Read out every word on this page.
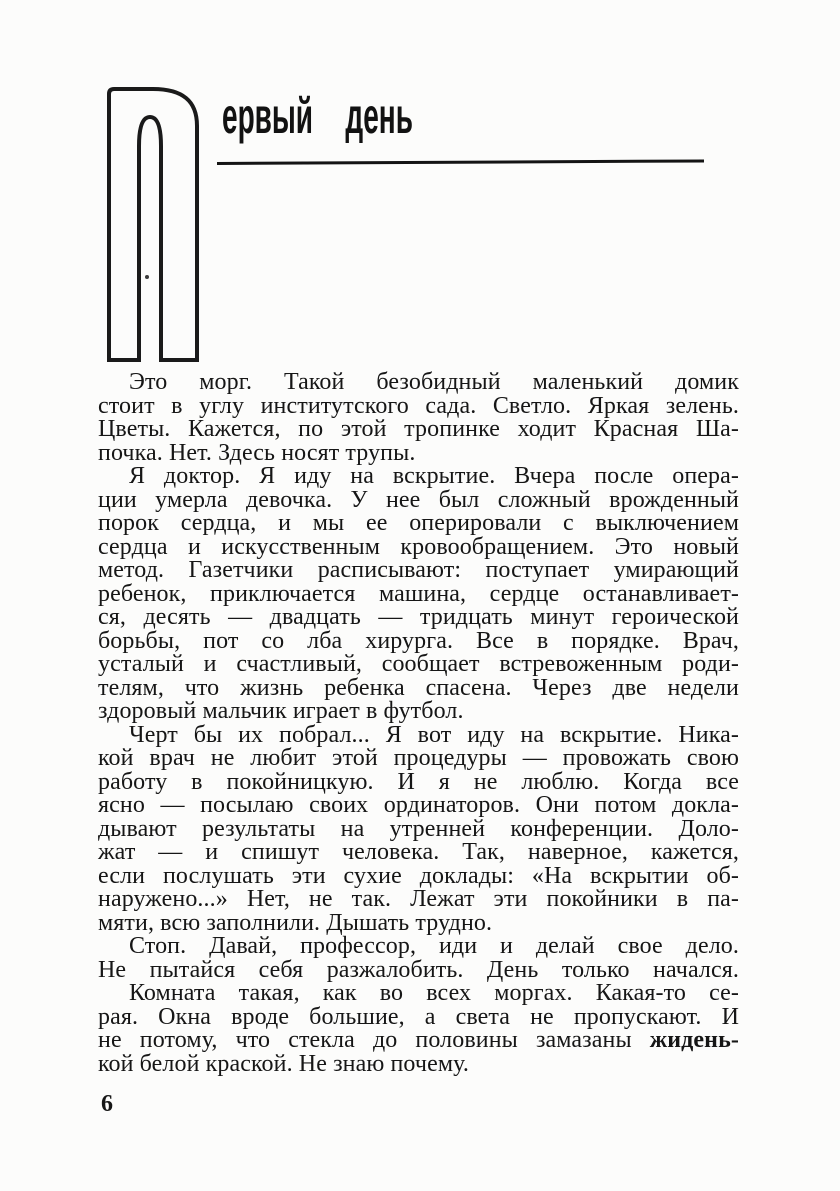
ервый день
Это морг. Такой безобидный маленький домик
стоит в углу институтского сада. Светло. Яркая зелень.
Цветы. Кажется, по этой тропинке ходит Красная Ша-
почка. Нет. Здесь носят трупы.
Я доктор. Я иду на вскрытие. Вчера после опера-
ции умерла девочка. У нее был сложный врожденный
порок сердца, и мы ее оперировали с выключением
сердца и искусственным кровообращением. Это новый
метод. Газетчики расписывают: поступает умирающий
ребенок, приключается машина, сердце останавливает-
ся, десять — двадцать — тридцать минут героической
борьбы, пот со лба хирурга. Все в порядке. Врач,
усталый и счастливый, сообщает встревоженным роди-
телям, что жизнь ребенка спасена. Через две недели
здоровый мальчик играет в футбол.
Черт бы их побрал... Я вот иду на вскрытие. Ника-
кой врач не любит этой процедуры — провожать свою
работу в покойницкую. И я не люблю. Когда все
ясно — посылаю своих ординаторов. Они потом докла-
дывают результаты на утренней конференции. Доло-
жат — и спишут человека. Так, наверное, кажется,
если послушать эти сухие доклады: «На вскрытии об-
наружено...» Нет, не так. Лежат эти покойники в па-
мяти, всю заполнили. Дышать трудно.
Стоп. Давай, профессор, иди и делай свое дело.
Не пытайся себя разжалобить. День только начался.
Комната такая, как во всех моргах. Какая-то се-
рая. Окна вроде большие, а света не пропускают. И
не потому, что стекла до половины замазаны жидень-
кой белой краской. Не знаю почему.
6
